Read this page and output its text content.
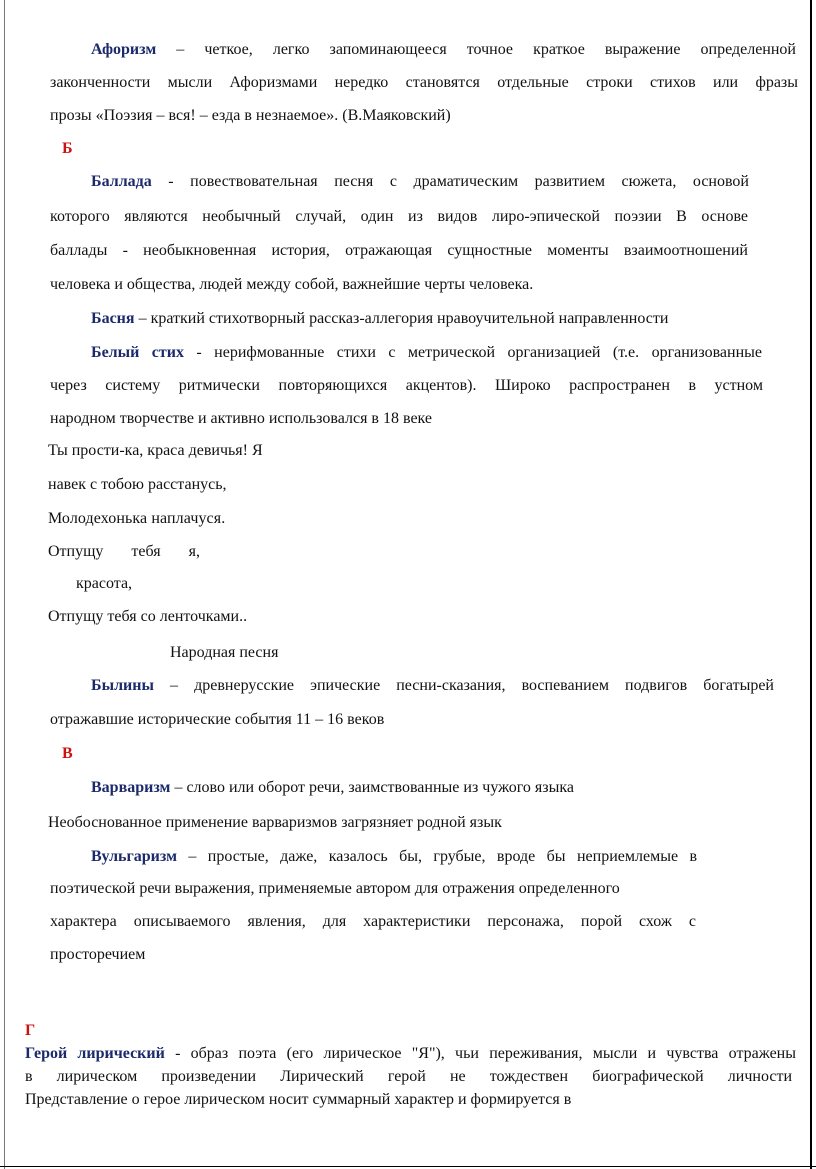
Афоризм – четкое, легко запоминающееся точное краткое выражение определенной
законченности мысли Афоризмами нередко становятся отдельные строки стихов или фразы
прозы «Поэзия – вся! – езда в незнаемое». (В.Маяковский)
Б
Баллада - повествовательная песня с драматическим развитием сюжета, основой
которого являются необычный случай, один из видов лиро-эпической поэзии В основе
баллады - необыкновенная история, отражающая сущностные моменты взаимоотношений
человека и общества, людей между собой, важнейшие черты человека.
Басня – краткий стихотворный рассказ-аллегория нравоучительной направленности
Белый стих - нерифмованные стихи с метрической организацией (т.е. организованные
через систему ритмически повторяющихся акцентов). Широко распространен в устном
народном творчестве и активно использовался в 18 веке
Ты прости-ка, краса девичья! Я
навек с тобою расстанусь,
Молодехонька наплачуся.
Отпущу тебя я,
красота,
Отпущу тебя со ленточками..
Народная песня
Былины – древнерусские эпические песни-сказания, воспеванием подвигов богатырей
отражавшие исторические события 11 – 16 веков
В
Варваризм – слово или оборот речи, заимствованные из чужого языка
Необоснованное применение варваризмов загрязняет родной язык
Вульгаризм – простые, даже, казалось бы, грубые, вроде бы неприемлемые в
поэтической речи выражения, применяемые автором для отражения определенного
характера описываемого явления, для характеристики персонажа, порой схож с
просторечием
Г
Герой лирический - образ поэта (его лирическое "Я"), чьи переживания, мысли и чувства отражены
в лирическом произведении Лирический герой не тождествен биографической личности
Представление о герое лирическом носит суммарный характер и формируется в
